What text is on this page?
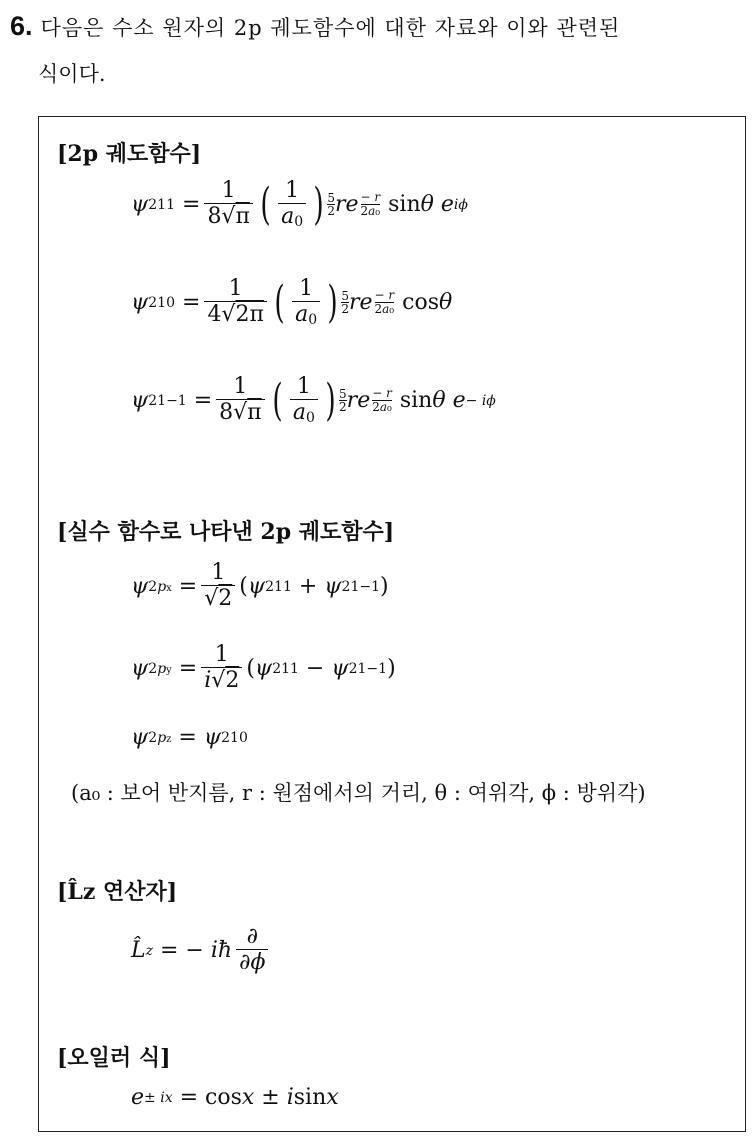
6. 다음은 수소 원자의 2p 궤도함수에 대한 자료와 이와 관련된
식이다.
[2p 궤도함수]
ψ $211 = \frac{1}{8√\pi}$ ( $\frac{1}{a_0}$ ) 5
2 re − r
2a₀ sin θ
e iϕ
ψ $210 = \frac{1}{4√2\pi}$ ( $\frac{1}{a_0}$ ) 5
2 re − r
2a₀ cos θ
ψ $21-1 = \frac{1}{8√\pi}$ ( $\frac{1}{a_0}$ ) 5
2 re − r
2a₀ sin θ
e − iϕ
[실수 함수로 나타낸 2p 궤도함수]
ψ $2px = \frac{1}{√2}$ ( ψ 211 + ψ 21−1 )
ψ $2py = \frac{1}{i√2}$ ( ψ 211 − ψ 21−1 )
ψ 2pz = ψ 210
(a₀ : 보어 반지름, r : 원점에서의 거리, θ : 여위각, ϕ : 방위각)
[L̂z 연산자]
L̂ z = − iħ $\frac{\partial}{\partial\phi}$
[오일러 식]
e ± ix = cos x ± i sin x
